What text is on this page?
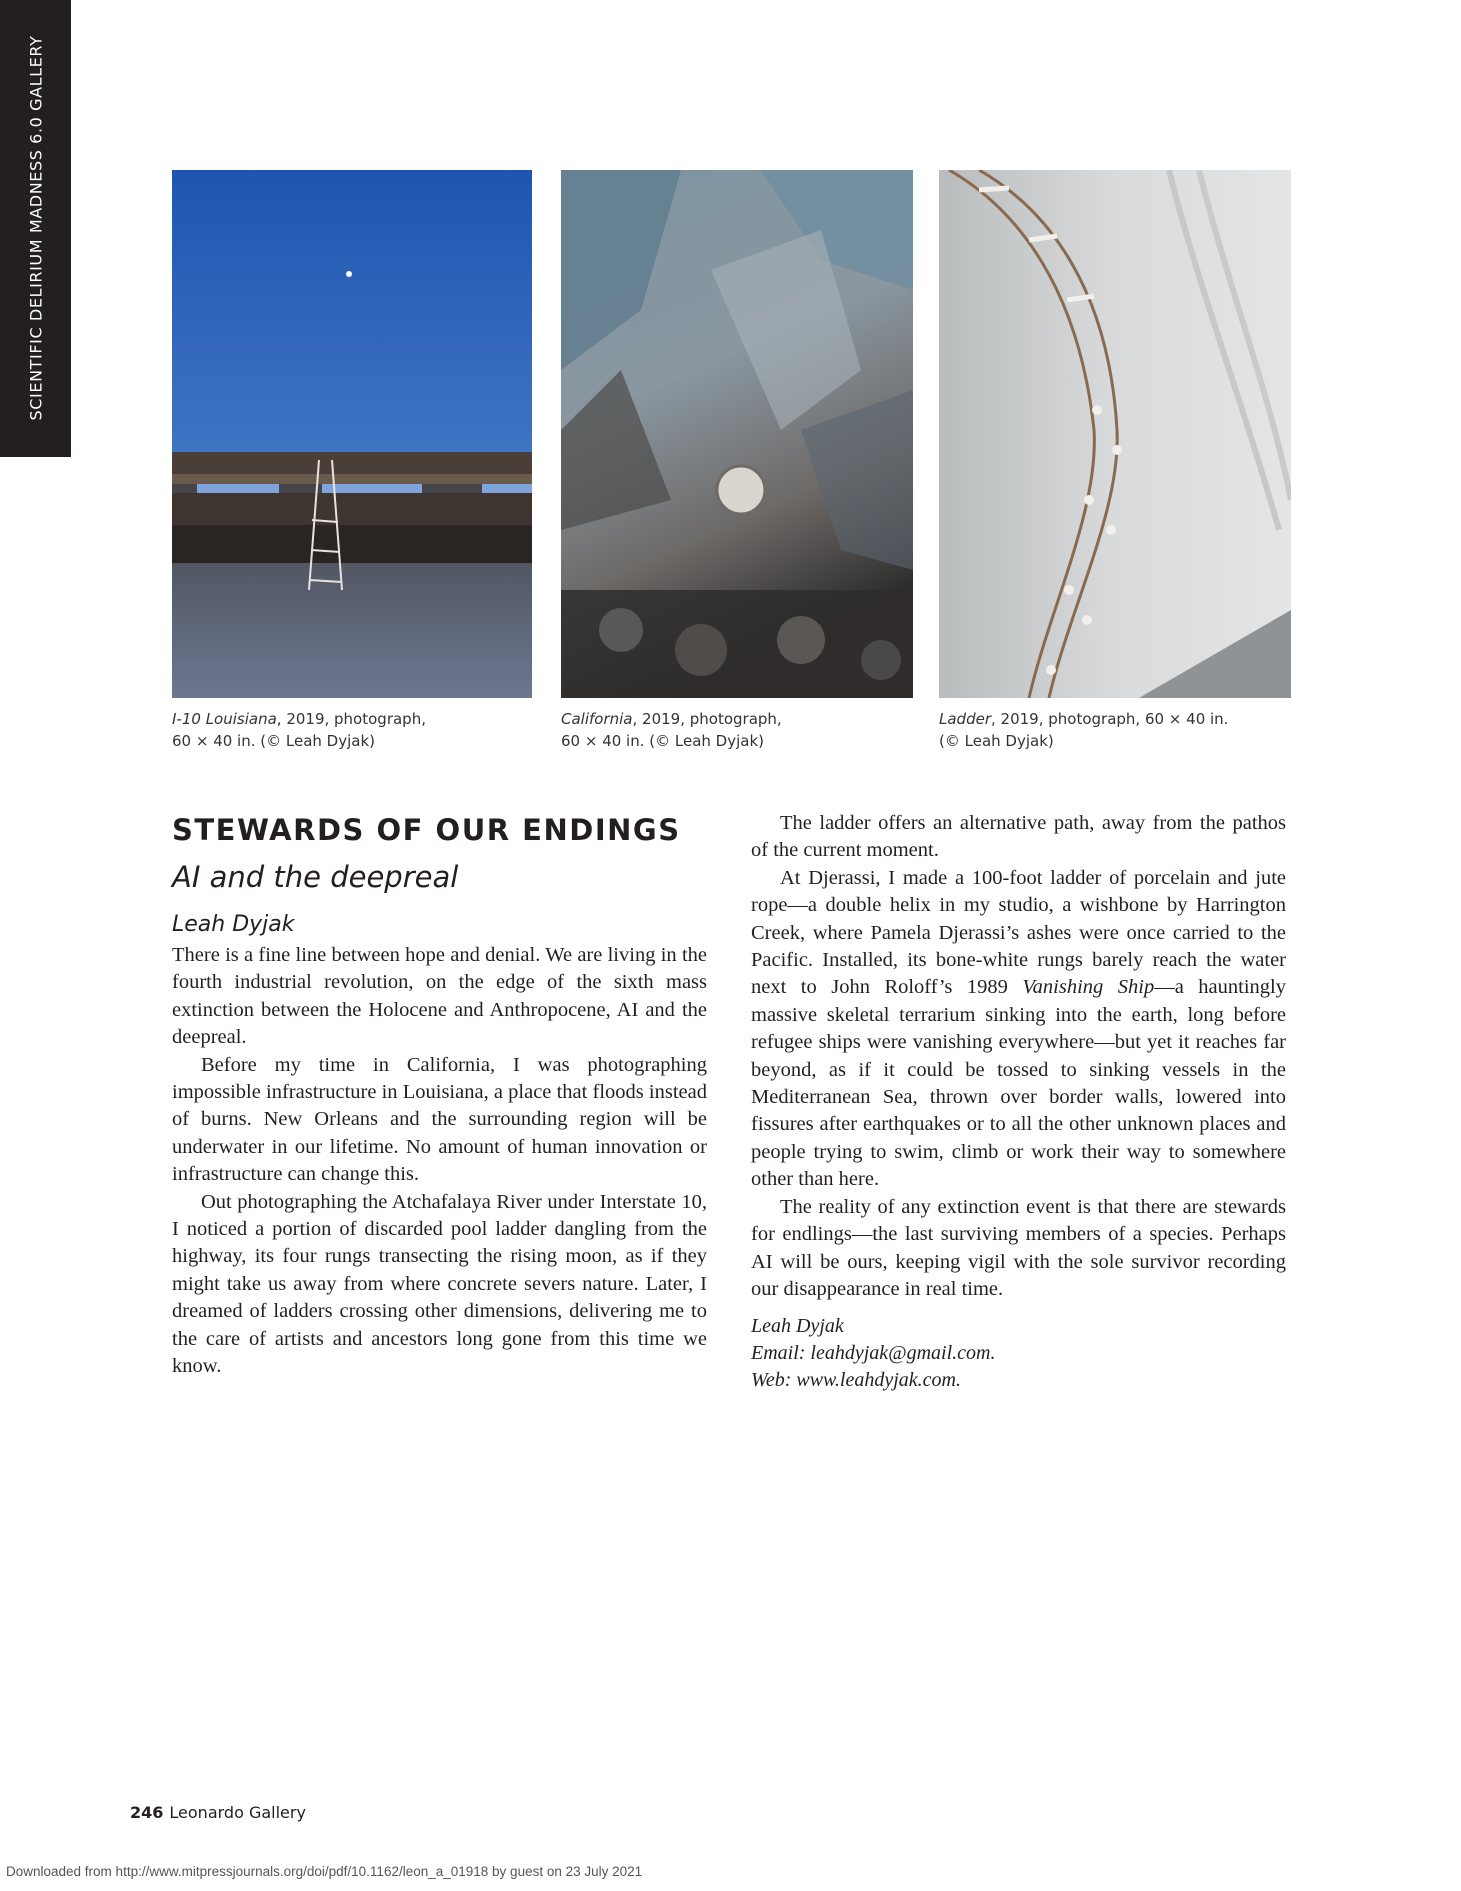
SCIENTIFIC DELIRIUM MADNESS 6.0 GALLERY
I-10 Louisiana, 2019, photograph,
60 × 40 in. (© Leah Dyjak)
California, 2019, photograph,
60 × 40 in. (© Leah Dyjak)
Ladder, 2019, photograph, 60 × 40 in.
(© Leah Dyjak)
STEWARDS OF OUR ENDINGS
AI and the deepreal
Leah Dyjak

There is a fine line between hope and denial. We are living in the fourth industrial revolution, on the edge of the sixth mass extinction between the Holocene and Anthropocene, AI and the deepreal.

Before my time in California, I was photographing impossible infrastructure in Louisiana, a place that floods instead of burns. New Orleans and the surrounding region will be underwater in our lifetime. No amount of human innovation or infrastructure can change this.

Out photographing the Atchafalaya River under Interstate 10, I noticed a portion of discarded pool ladder dangling from the highway, its four rungs transecting the rising moon, as if they might take us away from where concrete severs nature. Later, I dreamed of ladders crossing other dimensions, delivering me to the care of artists and ancestors long gone from this time we know.

The ladder offers an alternative path, away from the pathos of the current moment.

At Djerassi, I made a 100-foot ladder of porcelain and jute rope—a double helix in my studio, a wishbone by Harrington Creek, where Pamela Djerassi’s ashes were once carried to the Pacific. Installed, its bone-white rungs barely reach the water next to John Roloff’s 1989 Vanishing Ship—a hauntingly massive skeletal terrarium sinking into the earth, long before refugee ships were vanishing everywhere—but yet it reaches far beyond, as if it could be tossed to sinking vessels in the Mediterranean Sea, thrown over border walls, lowered into fissures after earthquakes or to all the other unknown places and people trying to swim, climb or work their way to somewhere other than here.

The reality of any extinction event is that there are stewards for endlings—the last surviving members of a species. Perhaps AI will be ours, keeping vigil with the sole survivor recording our disappearance in real time.

Leah Dyjak
Email: leahdyjak@gmail.com.
Web: www.leahdyjak.com.
246 Leonardo Gallery
Downloaded from http://www.mitpressjournals.org/doi/pdf/10.1162/leon_a_01918 by guest on 23 July 2021
